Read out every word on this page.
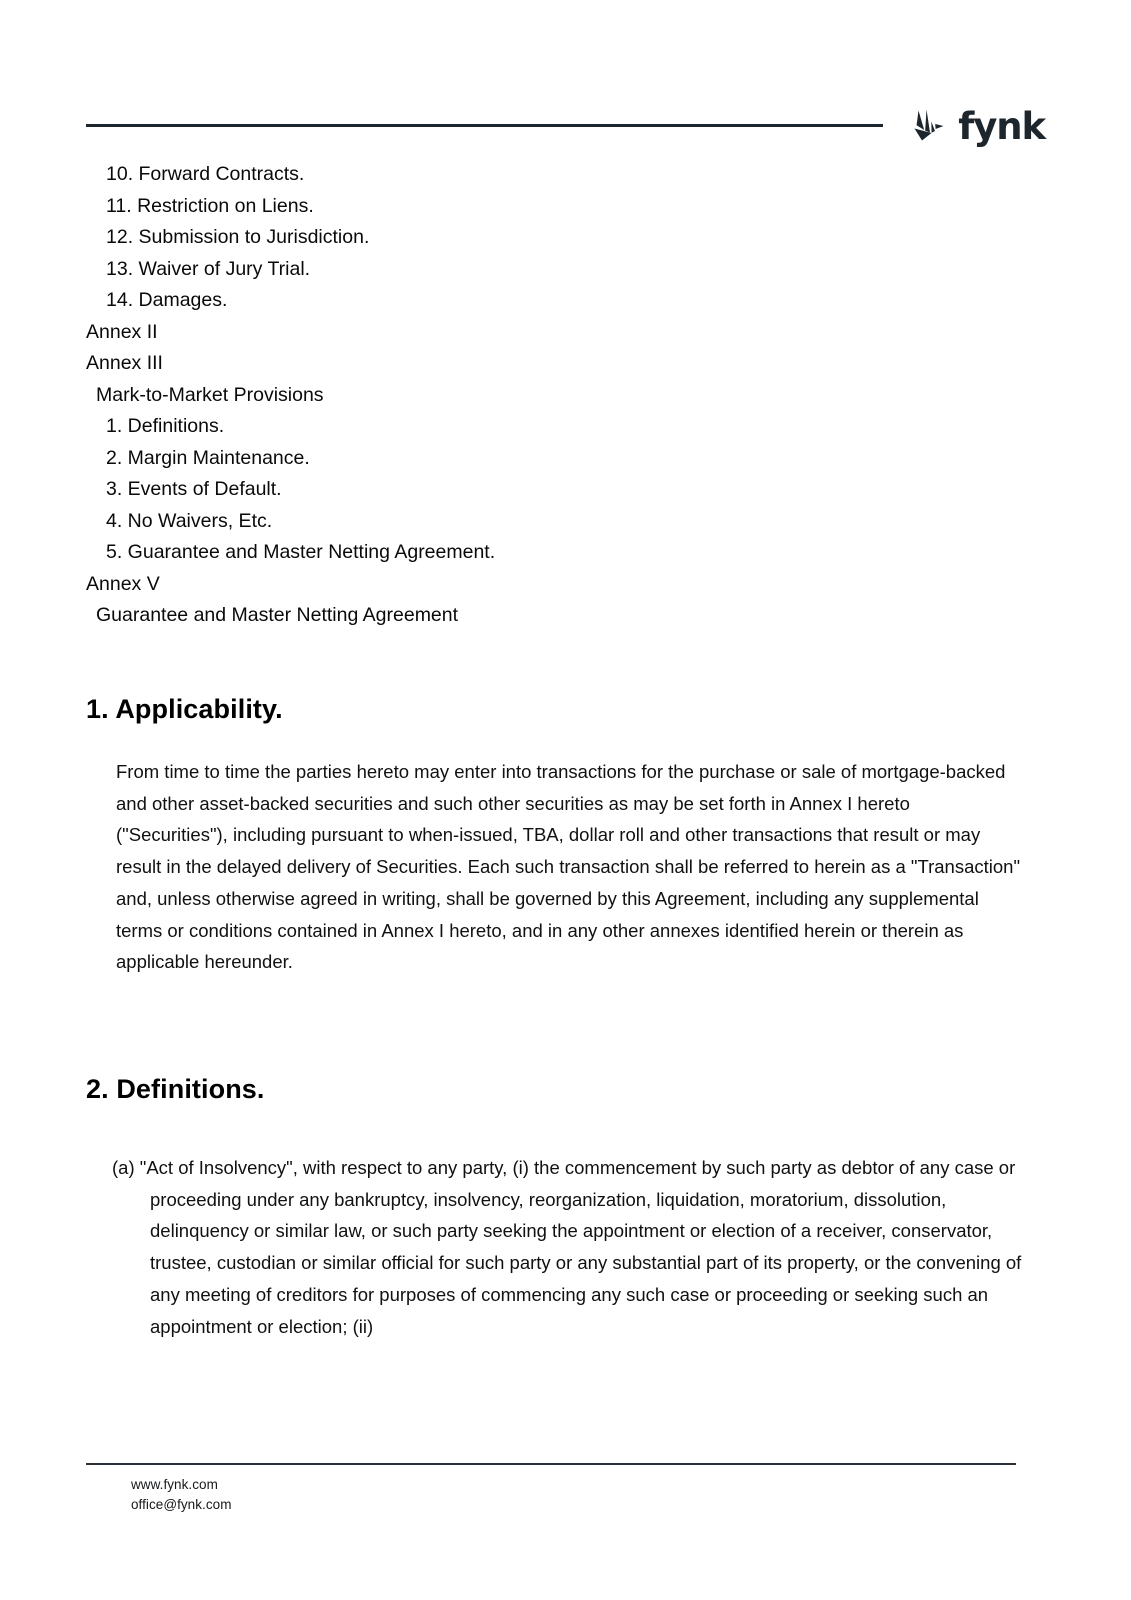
fynk
10. Forward Contracts.
11. Restriction on Liens.
12. Submission to Jurisdiction.
13. Waiver of Jury Trial.
14. Damages.
Annex II
Annex III
Mark-to-Market Provisions
1. Definitions.
2. Margin Maintenance.
3. Events of Default.
4. No Waivers, Etc.
5. Guarantee and Master Netting Agreement.
Annex V
Guarantee and Master Netting Agreement
1. Applicability.
From time to time the parties hereto may enter into transactions for the purchase or sale of mortgage-backed and other asset-backed securities and such other securities as may be set forth in Annex I hereto ("Securities"), including pursuant to when-issued, TBA, dollar roll and other transactions that result or may result in the delayed delivery of Securities. Each such transaction shall be referred to herein as a "Transaction" and, unless otherwise agreed in writing, shall be governed by this Agreement, including any supplemental terms or conditions contained in Annex I hereto, and in any other annexes identified herein or therein as applicable hereunder.
2. Definitions.
(a) "Act of Insolvency", with respect to any party, (i) the commencement by such party as debtor of any case or proceeding under any bankruptcy, insolvency, reorganization, liquidation, moratorium, dissolution, delinquency or similar law, or such party seeking the appointment or election of a receiver, conservator, trustee, custodian or similar official for such party or any substantial part of its property, or the convening of any meeting of creditors for purposes of commencing any such case or proceeding or seeking such an appointment or election; (ii)
www.fynk.com
office@fynk.com
